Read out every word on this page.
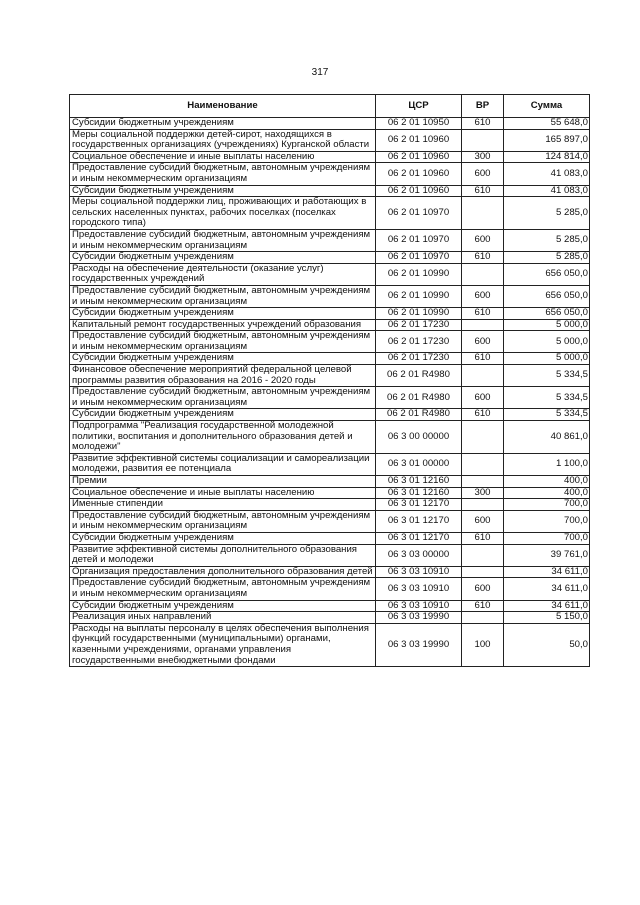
317
Наименование	ЦСР	ВР	Сумма
Субсидии бюджетным учреждениям	06 2 01 10950	610	55 648,0
Меры социальной поддержки детей-сирот, находящихся в государственных организациях (учреждениях) Курганской области	06 2 01 10960		165 897,0
Социальное обеспечение и иные выплаты населению	06 2 01 10960	300	124 814,0
Предоставление субсидий бюджетным, автономным учреждениям и иным некоммерческим организациям	06 2 01 10960	600	41 083,0
Субсидии бюджетным учреждениям	06 2 01 10960	610	41 083,0
Меры социальной поддержки лиц, проживающих и работающих в сельских населенных пунктах, рабочих поселках (поселках городского типа)	06 2 01 10970		5 285,0
Предоставление субсидий бюджетным, автономным учреждениям и иным некоммерческим организациям	06 2 01 10970	600	5 285,0
Субсидии бюджетным учреждениям	06 2 01 10970	610	5 285,0
Расходы на обеспечение деятельности (оказание услуг) государственных учреждений	06 2 01 10990		656 050,0
Предоставление субсидий бюджетным, автономным учреждениям и иным некоммерческим организациям	06 2 01 10990	600	656 050,0
Субсидии бюджетным учреждениям	06 2 01 10990	610	656 050,0
Капитальный ремонт государственных учреждений образования	06 2 01 17230		5 000,0
Предоставление субсидий бюджетным, автономным учреждениям и иным некоммерческим организациям	06 2 01 17230	600	5 000,0
Субсидии бюджетным учреждениям	06 2 01 17230	610	5 000,0
Финансовое обеспечение мероприятий федеральной целевой программы развития образования на 2016 - 2020 годы	06 2 01 R4980		5 334,5
Предоставление субсидий бюджетным, автономным учреждениям и иным некоммерческим организациям	06 2 01 R4980	600	5 334,5
Субсидии бюджетным учреждениям	06 2 01 R4980	610	5 334,5
Подпрограмма "Реализация государственной молодежной политики, воспитания и дополнительного образования детей и молодежи"	06 3 00 00000		40 861,0
Развитие эффективной системы социализации и самореализации молодежи, развития ее потенциала	06 3 01 00000		1 100,0
Премии	06 3 01 12160		400,0
Социальное обеспечение и иные выплаты населению	06 3 01 12160	300	400,0
Именные стипендии	06 3 01 12170		700,0
Предоставление субсидий бюджетным, автономным учреждениям и иным некоммерческим организациям	06 3 01 12170	600	700,0
Субсидии бюджетным учреждениям	06 3 01 12170	610	700,0
Развитие эффективной системы дополнительного образования детей и молодежи	06 3 03 00000		39 761,0
Организация предоставления дополнительного образования детей	06 3 03 10910		34 611,0
Предоставление субсидий бюджетным, автономным учреждениям и иным некоммерческим организациям	06 3 03 10910	600	34 611,0
Субсидии бюджетным учреждениям	06 3 03 10910	610	34 611,0
Реализация иных направлений	06 3 03 19990		5 150,0
Расходы на выплаты персоналу в целях обеспечения выполнения функций государственными (муниципальными) органами, казенными учреждениями, органами управления государственными внебюджетными фондами	06 3 03 19990	100	50,0
